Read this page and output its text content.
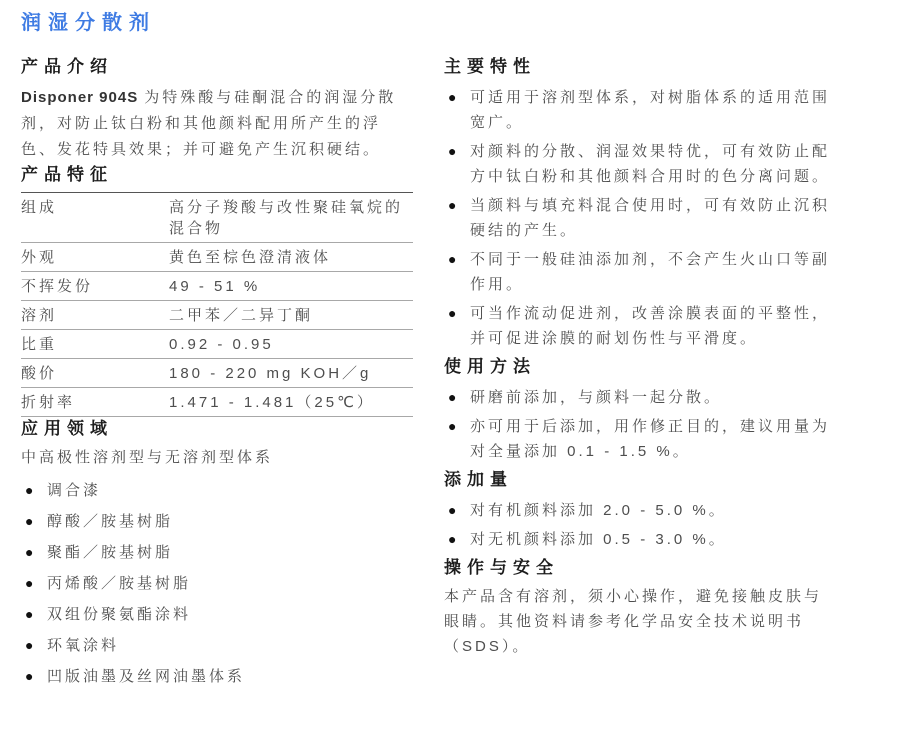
润湿分散剂
产品介绍

Disponer 904S 为特殊酸与硅酮混合的润湿分散剂，对防止钛白粉和其他颜料配用所产生的浮色、发花特具效果；并可避免产生沉积硬结。

产品特征
组成	高分子羧酸与改性聚硅氧烷的混合物
外观	黄色至棕色澄清液体
不挥发份	49 - 51 %
溶剂	二甲苯／二异丁酮
比重	0.92 - 0.95
酸价	180 - 220 mg KOH／g
折射率	1.471 - 1.481（25℃）
应用领域

中高极性溶剂型与无溶剂型体系

● 调合漆
● 醇酸／胺基树脂
● 聚酯／胺基树脂
● 丙烯酸／胺基树脂
● 双组份聚氨酯涂料
● 环氧涂料
● 凹版油墨及丝网油墨体系
主要特性
● 可适用于溶剂型体系，对树脂体系的适用范围宽广。
● 对颜料的分散、润湿效果特优，可有效防止配方中钛白粉和其他颜料合用时的色分离问题。
● 当颜料与填充料混合使用时，可有效防止沉积硬结的产生。
● 不同于一般硅油添加剂，不会产生火山口等副作用。
● 可当作流动促进剂，改善涂膜表面的平整性，并可促进涂膜的耐划伤性与平滑度。
使用方法
● 研磨前添加，与颜料一起分散。
● 亦可用于后添加，用作修正目的，建议用量为对全量添加 0.1 - 1.5 %。
添加量
● 对有机颜料添加 2.0 - 5.0 %。
● 对无机颜料添加 0.5 - 3.0 %。
操作与安全

本产品含有溶剂，须小心操作，避免接触皮肤与眼睛。其他资料请参考化学品安全技术说明书（SDS）。
